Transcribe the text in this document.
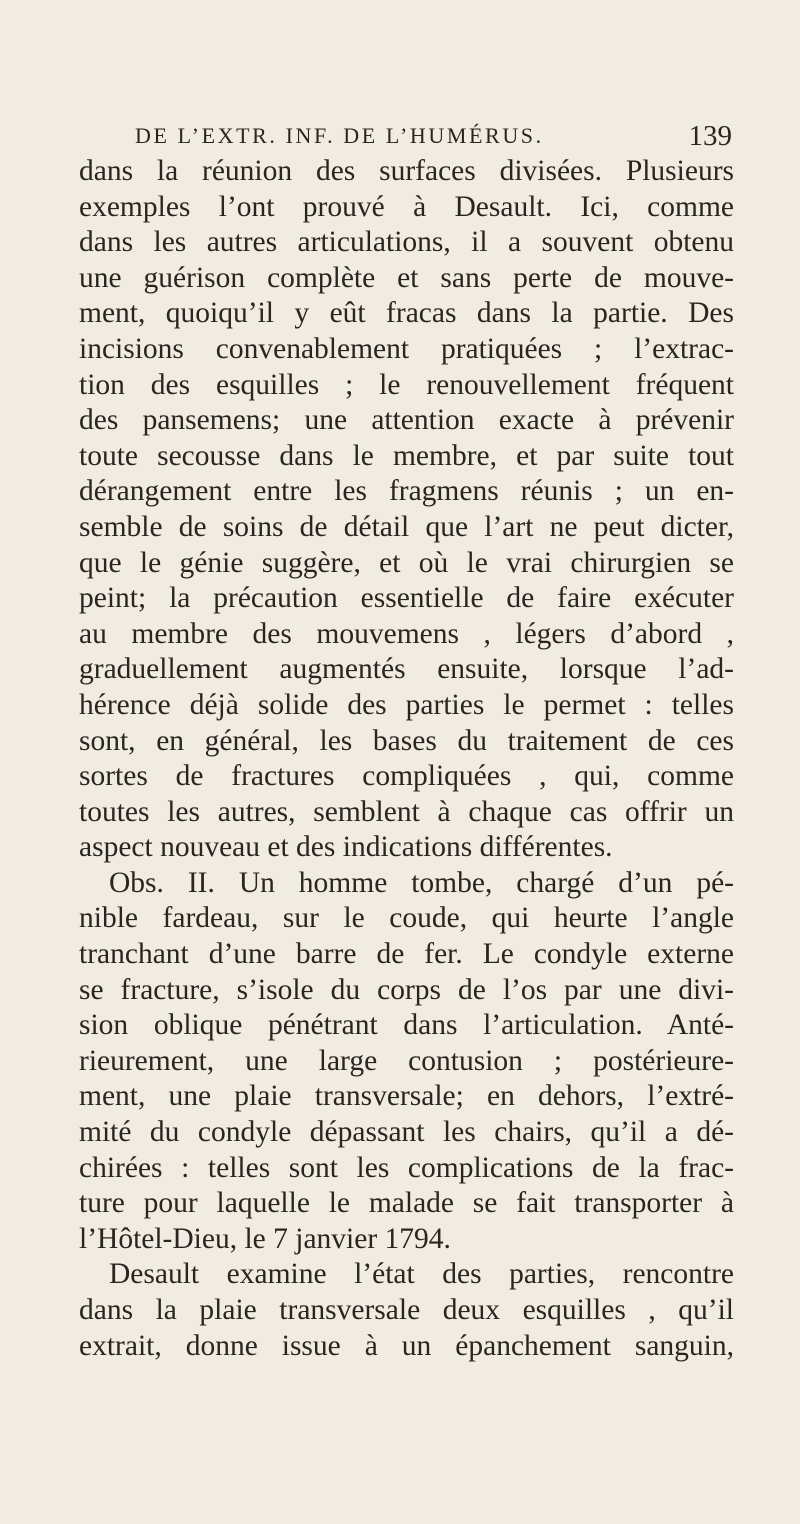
DE L’EXTR. INF. DE L’HUMÉRUS.	139
dans la réunion des surfaces divisées. Plusieurs
exemples l’ont prouvé à Desault. Ici, comme
dans les autres articulations, il a souvent obtenu
une guérison complète et sans perte de mouve-
ment, quoiqu’il y eût fracas dans la partie. Des
incisions convenablement pratiquées ; l’extrac-
tion des esquilles ; le renouvellement fréquent
des pansemens; une attention exacte à prévenir
toute secousse dans le membre, et par suite tout
dérangement entre les fragmens réunis ; un en-
semble de soins de détail que l’art ne peut dicter,
que le génie suggère, et où le vrai chirurgien se
peint; la précaution essentielle de faire exécuter
au membre des mouvemens , légers d’abord ,
graduellement augmentés ensuite, lorsque l’ad-
hérence déjà solide des parties le permet : telles
sont, en général, les bases du traitement de ces
sortes de fractures compliquées , qui, comme
toutes les autres, semblent à chaque cas offrir un
aspect nouveau et des indications différentes.
Obs. II. Un homme tombe, chargé d’un pé-
nible fardeau, sur le coude, qui heurte l’angle
tranchant d’une barre de fer. Le condyle externe
se fracture, s’isole du corps de l’os par une divi-
sion oblique pénétrant dans l’articulation. Anté-
rieurement, une large contusion ; postérieure-
ment, une plaie transversale; en dehors, l’extré-
mité du condyle dépassant les chairs, qu’il a dé-
chirées : telles sont les complications de la frac-
ture pour laquelle le malade se fait transporter à
l’Hôtel-Dieu, le 7 janvier 1794.
Desault examine l’état des parties, rencontre
dans la plaie transversale deux esquilles , qu’il
extrait, donne issue à un épanchement sanguin,
